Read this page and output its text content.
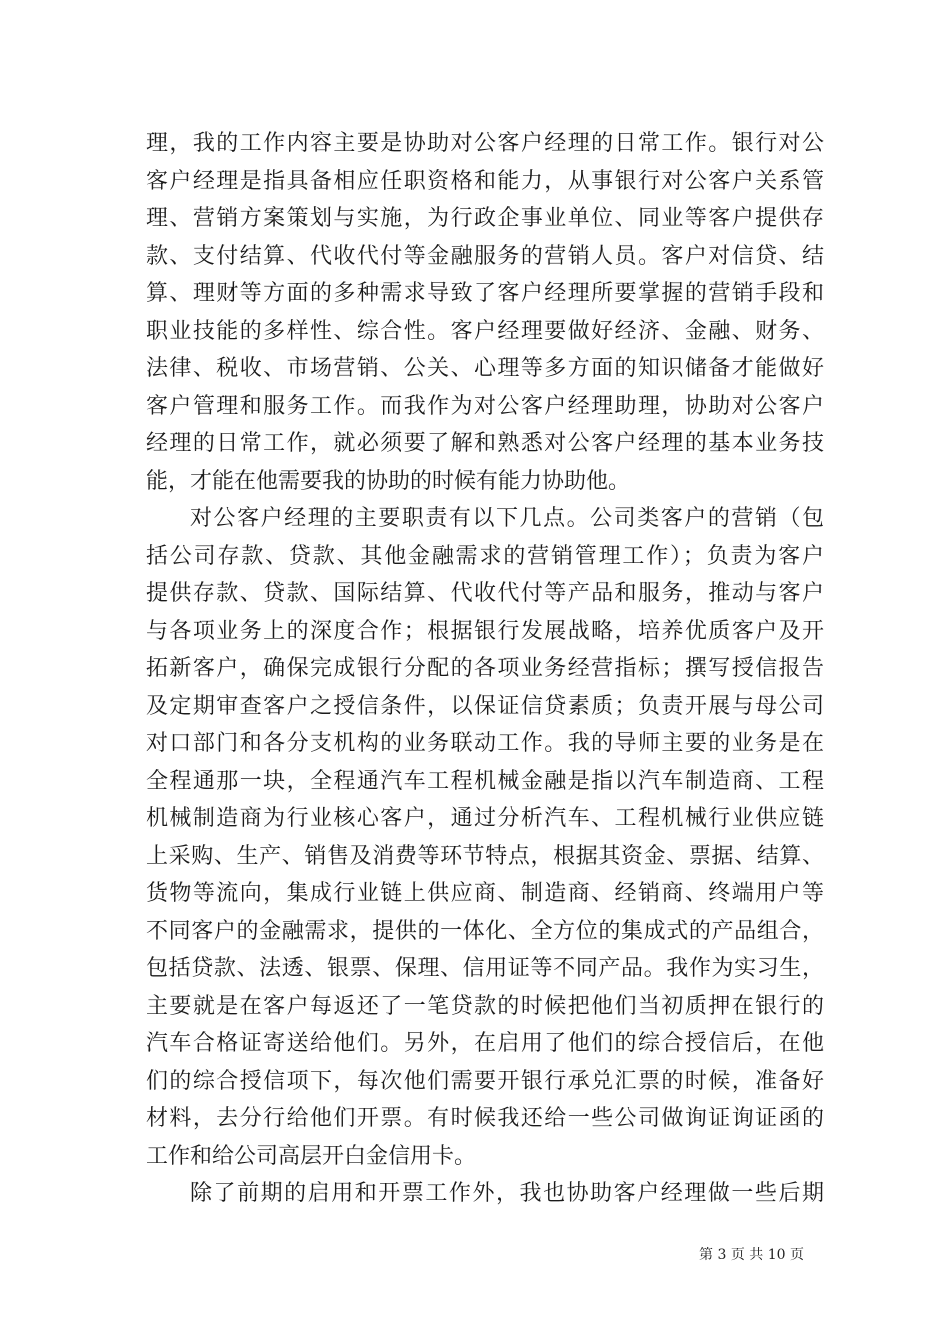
理，我的工作内容主要是协助对公客户经理的日常工作。银行对公
客户经理是指具备相应任职资格和能力，从事银行对公客户关系管
理、营销方案策划与实施，为行政企事业单位、同业等客户提供存
款、支付结算、代收代付等金融服务的营销人员。客户对信贷、结
算、理财等方面的多种需求导致了客户经理所要掌握的营销手段和
职业技能的多样性、综合性。客户经理要做好经济、金融、财务、
法律、税收、市场营销、公关、心理等多方面的知识储备才能做好
客户管理和服务工作。而我作为对公客户经理助理，协助对公客户
经理的日常工作，就必须要了解和熟悉对公客户经理的基本业务技
能，才能在他需要我的协助的时候有能力协助他。
对公客户经理的主要职责有以下几点。公司类客户的营销（包
括公司存款、贷款、其他金融需求的营销管理工作）；负责为客户
提供存款、贷款、国际结算、代收代付等产品和服务，推动与客户
与各项业务上的深度合作；根据银行发展战略，培养优质客户及开
拓新客户，确保完成银行分配的各项业务经营指标；撰写授信报告
及定期审查客户之授信条件，以保证信贷素质；负责开展与母公司
对口部门和各分支机构的业务联动工作。我的导师主要的业务是在
全程通那一块，全程通汽车工程机械金融是指以汽车制造商、工程
机械制造商为行业核心客户，通过分析汽车、工程机械行业供应链
上采购、生产、销售及消费等环节特点，根据其资金、票据、结算、
货物等流向，集成行业链上供应商、制造商、经销商、终端用户等
不同客户的金融需求，提供的一体化、全方位的集成式的产品组合，
包括贷款、法透、银票、保理、信用证等不同产品。我作为实习生，
主要就是在客户每返还了一笔贷款的时候把他们当初质押在银行的
汽车合格证寄送给他们。另外，在启用了他们的综合授信后，在他
们的综合授信项下，每次他们需要开银行承兑汇票的时候，准备好
材料，去分行给他们开票。有时候我还给一些公司做询证询证函的
工作和给公司高层开白金信用卡。
除了前期的启用和开票工作外，我也协助客户经理做一些后期
第 3 页 共 10 页
